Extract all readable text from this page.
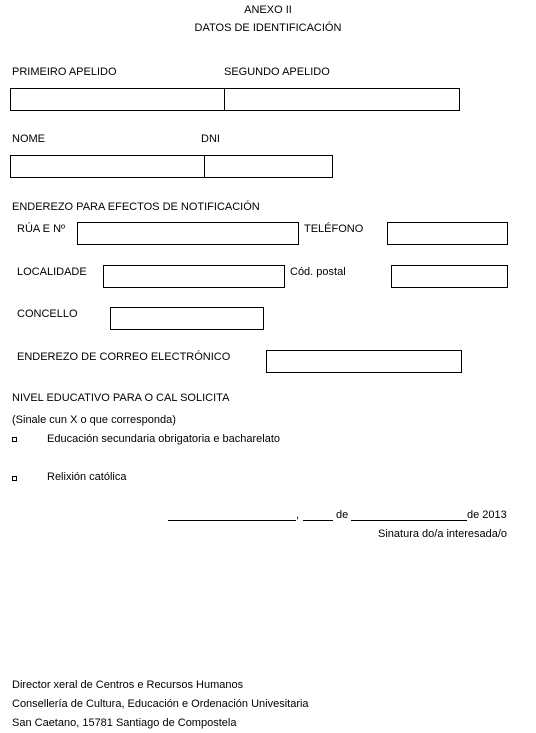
ANEXO II
DATOS DE IDENTIFICACIÓN
PRIMEIRO APELIDO	SEGUNDO APELIDO
NOME	DNI
ENDEREZO PARA EFECTOS DE NOTIFICACIÓN
RÚA E Nº	TELÉFONO
LOCALIDADE	Cód. postal
CONCELLO
ENDEREZO DE CORREO ELECTRÓNICO
NIVEL EDUCATIVO PARA O CAL SOLICITA
(Sinale cun X o que corresponda)
Educación secundaria obrigatoria e bacharelato
Relixión católica
,	de	de 2013
Sinatura do/a interesada/o
Director xeral de Centros e Recursos Humanos
Consellería de Cultura, Educación e Ordenación Univesitaria
San Caetano, 15781 Santiago de Compostela
